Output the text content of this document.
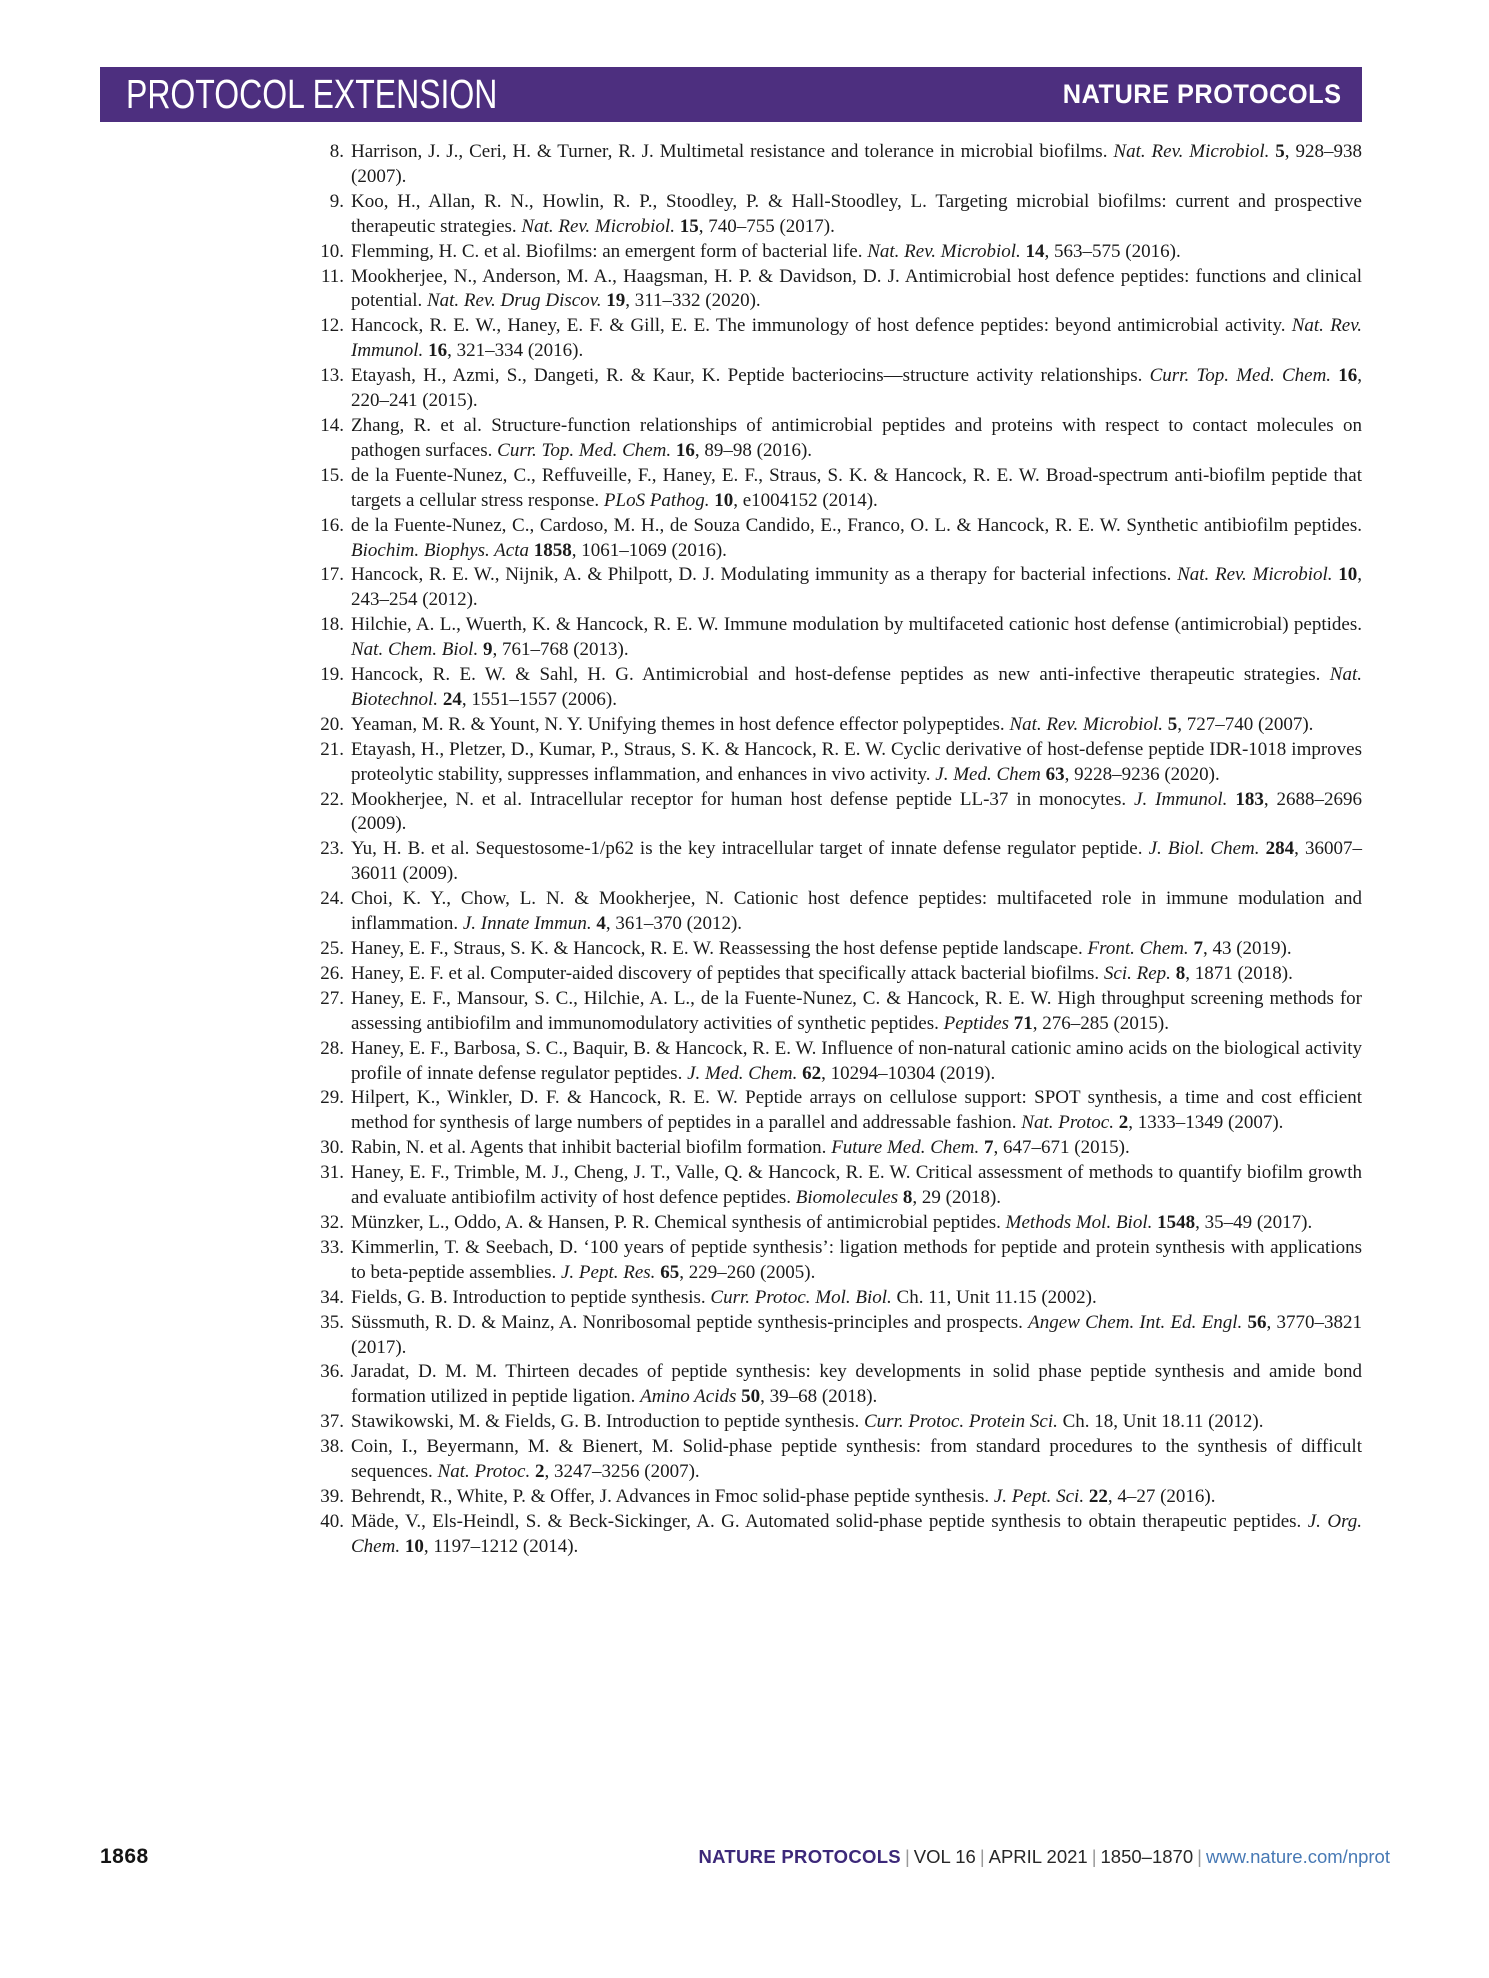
PROTOCOL EXTENSION	NATURE PROTOCOLS
8. Harrison, J. J., Ceri, H. & Turner, R. J. Multimetal resistance and tolerance in microbial biofilms. Nat. Rev. Microbiol. 5, 928–938 (2007).
9. Koo, H., Allan, R. N., Howlin, R. P., Stoodley, P. & Hall-Stoodley, L. Targeting microbial biofilms: current and prospective therapeutic strategies. Nat. Rev. Microbiol. 15, 740–755 (2017).
10. Flemming, H. C. et al. Biofilms: an emergent form of bacterial life. Nat. Rev. Microbiol. 14, 563–575 (2016).
11. Mookherjee, N., Anderson, M. A., Haagsman, H. P. & Davidson, D. J. Antimicrobial host defence peptides: functions and clinical potential. Nat. Rev. Drug Discov. 19, 311–332 (2020).
12. Hancock, R. E. W., Haney, E. F. & Gill, E. E. The immunology of host defence peptides: beyond antimicrobial activity. Nat. Rev. Immunol. 16, 321–334 (2016).
13. Etayash, H., Azmi, S., Dangeti, R. & Kaur, K. Peptide bacteriocins—structure activity relationships. Curr. Top. Med. Chem. 16, 220–241 (2015).
14. Zhang, R. et al. Structure-function relationships of antimicrobial peptides and proteins with respect to contact molecules on pathogen surfaces. Curr. Top. Med. Chem. 16, 89–98 (2016).
15. de la Fuente-Nunez, C., Reffuveille, F., Haney, E. F., Straus, S. K. & Hancock, R. E. W. Broad-spectrum anti-biofilm peptide that targets a cellular stress response. PLoS Pathog. 10, e1004152 (2014).
16. de la Fuente-Nunez, C., Cardoso, M. H., de Souza Candido, E., Franco, O. L. & Hancock, R. E. W. Synthetic antibiofilm peptides. Biochim. Biophys. Acta 1858, 1061–1069 (2016).
17. Hancock, R. E. W., Nijnik, A. & Philpott, D. J. Modulating immunity as a therapy for bacterial infections. Nat. Rev. Microbiol. 10, 243–254 (2012).
18. Hilchie, A. L., Wuerth, K. & Hancock, R. E. W. Immune modulation by multifaceted cationic host defense (antimicrobial) peptides. Nat. Chem. Biol. 9, 761–768 (2013).
19. Hancock, R. E. W. & Sahl, H. G. Antimicrobial and host-defense peptides as new anti-infective therapeutic strategies. Nat. Biotechnol. 24, 1551–1557 (2006).
20. Yeaman, M. R. & Yount, N. Y. Unifying themes in host defence effector polypeptides. Nat. Rev. Microbiol. 5, 727–740 (2007).
21. Etayash, H., Pletzer, D., Kumar, P., Straus, S. K. & Hancock, R. E. W. Cyclic derivative of host-defense peptide IDR-1018 improves proteolytic stability, suppresses inflammation, and enhances in vivo activity. J. Med. Chem 63, 9228–9236 (2020).
22. Mookherjee, N. et al. Intracellular receptor for human host defense peptide LL-37 in monocytes. J. Immunol. 183, 2688–2696 (2009).
23. Yu, H. B. et al. Sequestosome-1/p62 is the key intracellular target of innate defense regulator peptide. J. Biol. Chem. 284, 36007–36011 (2009).
24. Choi, K. Y., Chow, L. N. & Mookherjee, N. Cationic host defence peptides: multifaceted role in immune modulation and inflammation. J. Innate Immun. 4, 361–370 (2012).
25. Haney, E. F., Straus, S. K. & Hancock, R. E. W. Reassessing the host defense peptide landscape. Front. Chem. 7, 43 (2019).
26. Haney, E. F. et al. Computer-aided discovery of peptides that specifically attack bacterial biofilms. Sci. Rep. 8, 1871 (2018).
27. Haney, E. F., Mansour, S. C., Hilchie, A. L., de la Fuente-Nunez, C. & Hancock, R. E. W. High throughput screening methods for assessing antibiofilm and immunomodulatory activities of synthetic peptides. Peptides 71, 276–285 (2015).
28. Haney, E. F., Barbosa, S. C., Baquir, B. & Hancock, R. E. W. Influence of non-natural cationic amino acids on the biological activity profile of innate defense regulator peptides. J. Med. Chem. 62, 10294–10304 (2019).
29. Hilpert, K., Winkler, D. F. & Hancock, R. E. W. Peptide arrays on cellulose support: SPOT synthesis, a time and cost efficient method for synthesis of large numbers of peptides in a parallel and addressable fashion. Nat. Protoc. 2, 1333–1349 (2007).
30. Rabin, N. et al. Agents that inhibit bacterial biofilm formation. Future Med. Chem. 7, 647–671 (2015).
31. Haney, E. F., Trimble, M. J., Cheng, J. T., Valle, Q. & Hancock, R. E. W. Critical assessment of methods to quantify biofilm growth and evaluate antibiofilm activity of host defence peptides. Biomolecules 8, 29 (2018).
32. Münzker, L., Oddo, A. & Hansen, P. R. Chemical synthesis of antimicrobial peptides. Methods Mol. Biol. 1548, 35–49 (2017).
33. Kimmerlin, T. & Seebach, D. ‘100 years of peptide synthesis’: ligation methods for peptide and protein synthesis with applications to beta-peptide assemblies. J. Pept. Res. 65, 229–260 (2005).
34. Fields, G. B. Introduction to peptide synthesis. Curr. Protoc. Mol. Biol. Ch. 11, Unit 11.15 (2002).
35. Süssmuth, R. D. & Mainz, A. Nonribosomal peptide synthesis-principles and prospects. Angew Chem. Int. Ed. Engl. 56, 3770–3821 (2017).
36. Jaradat, D. M. M. Thirteen decades of peptide synthesis: key developments in solid phase peptide synthesis and amide bond formation utilized in peptide ligation. Amino Acids 50, 39–68 (2018).
37. Stawikowski, M. & Fields, G. B. Introduction to peptide synthesis. Curr. Protoc. Protein Sci. Ch. 18, Unit 18.11 (2012).
38. Coin, I., Beyermann, M. & Bienert, M. Solid-phase peptide synthesis: from standard procedures to the synthesis of difficult sequences. Nat. Protoc. 2, 3247–3256 (2007).
39. Behrendt, R., White, P. & Offer, J. Advances in Fmoc solid-phase peptide synthesis. J. Pept. Sci. 22, 4–27 (2016).
40. Mäde, V., Els-Heindl, S. & Beck-Sickinger, A. G. Automated solid-phase peptide synthesis to obtain therapeutic peptides. J. Org. Chem. 10, 1197–1212 (2014).
1868	NATURE PROTOCOLS | VOL 16 | APRIL 2021 | 1850–1870 | www.nature.com/nprot
